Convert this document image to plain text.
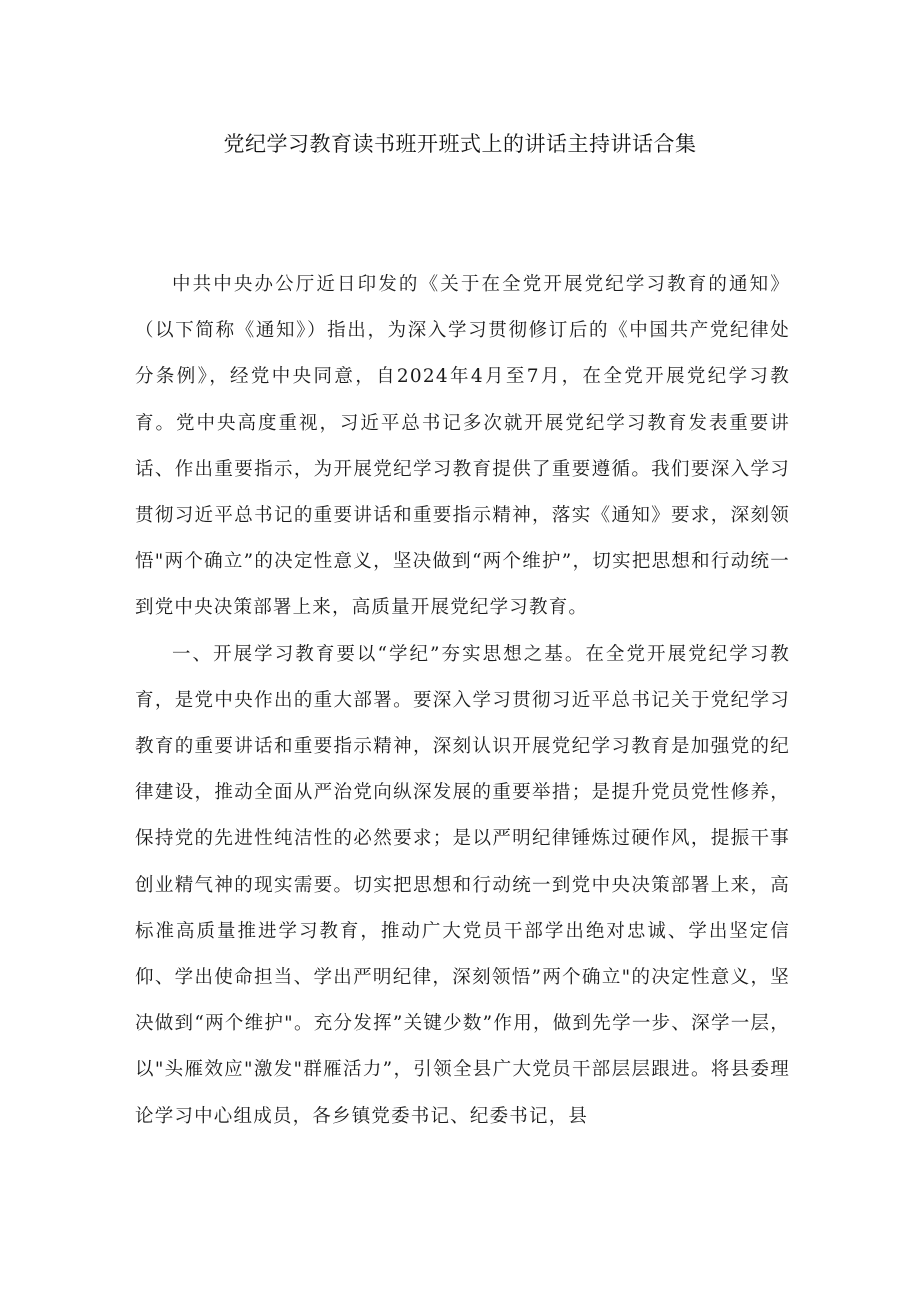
党纪学习教育读书班开班式上的讲话主持讲话合集

中共中央办公厅近日印发的《关于在全党开展党纪学习教育的通知》（以下简称《通知》）指出，为深入学习贯彻修订后的《中国共产党纪律处分条例》，经党中央同意，自2024年4月至7月，在全党开展党纪学习教育。党中央高度重视，习近平总书记多次就开展党纪学习教育发表重要讲话、作出重要指示，为开展党纪学习教育提供了重要遵循。我们要深入学习贯彻习近平总书记的重要讲话和重要指示精神，落实《通知》要求，深刻领悟"两个确立”的决定性意义，坚决做到“两个维护”，切实把思想和行动统一到党中央决策部署上来，高质量开展党纪学习教育。

一、开展学习教育要以“学纪”夯实思想之基。在全党开展党纪学习教育，是党中央作出的重大部署。要深入学习贯彻习近平总书记关于党纪学习教育的重要讲话和重要指示精神，深刻认识开展党纪学习教育是加强党的纪律建设，推动全面从严治党向纵深发展的重要举措；是提升党员党性修养，保持党的先进性纯洁性的必然要求；是以严明纪律锤炼过硬作风，提振干事创业精气神的现实需要。切实把思想和行动统一到党中央决策部署上来，高标准高质量推进学习教育，推动广大党员干部学出绝对忠诚、学出坚定信仰、学出使命担当、学出严明纪律，深刻领悟”两个确立"的决定性意义，坚决做到“两个维护"。充分发挥”关键少数”作用，做到先学一步、深学一层，以"头雁效应"激发"群雁活力”，引领全县广大党员干部层层跟进。将县委理论学习中心组成员，各乡镇党委书记、纪委书记，县
